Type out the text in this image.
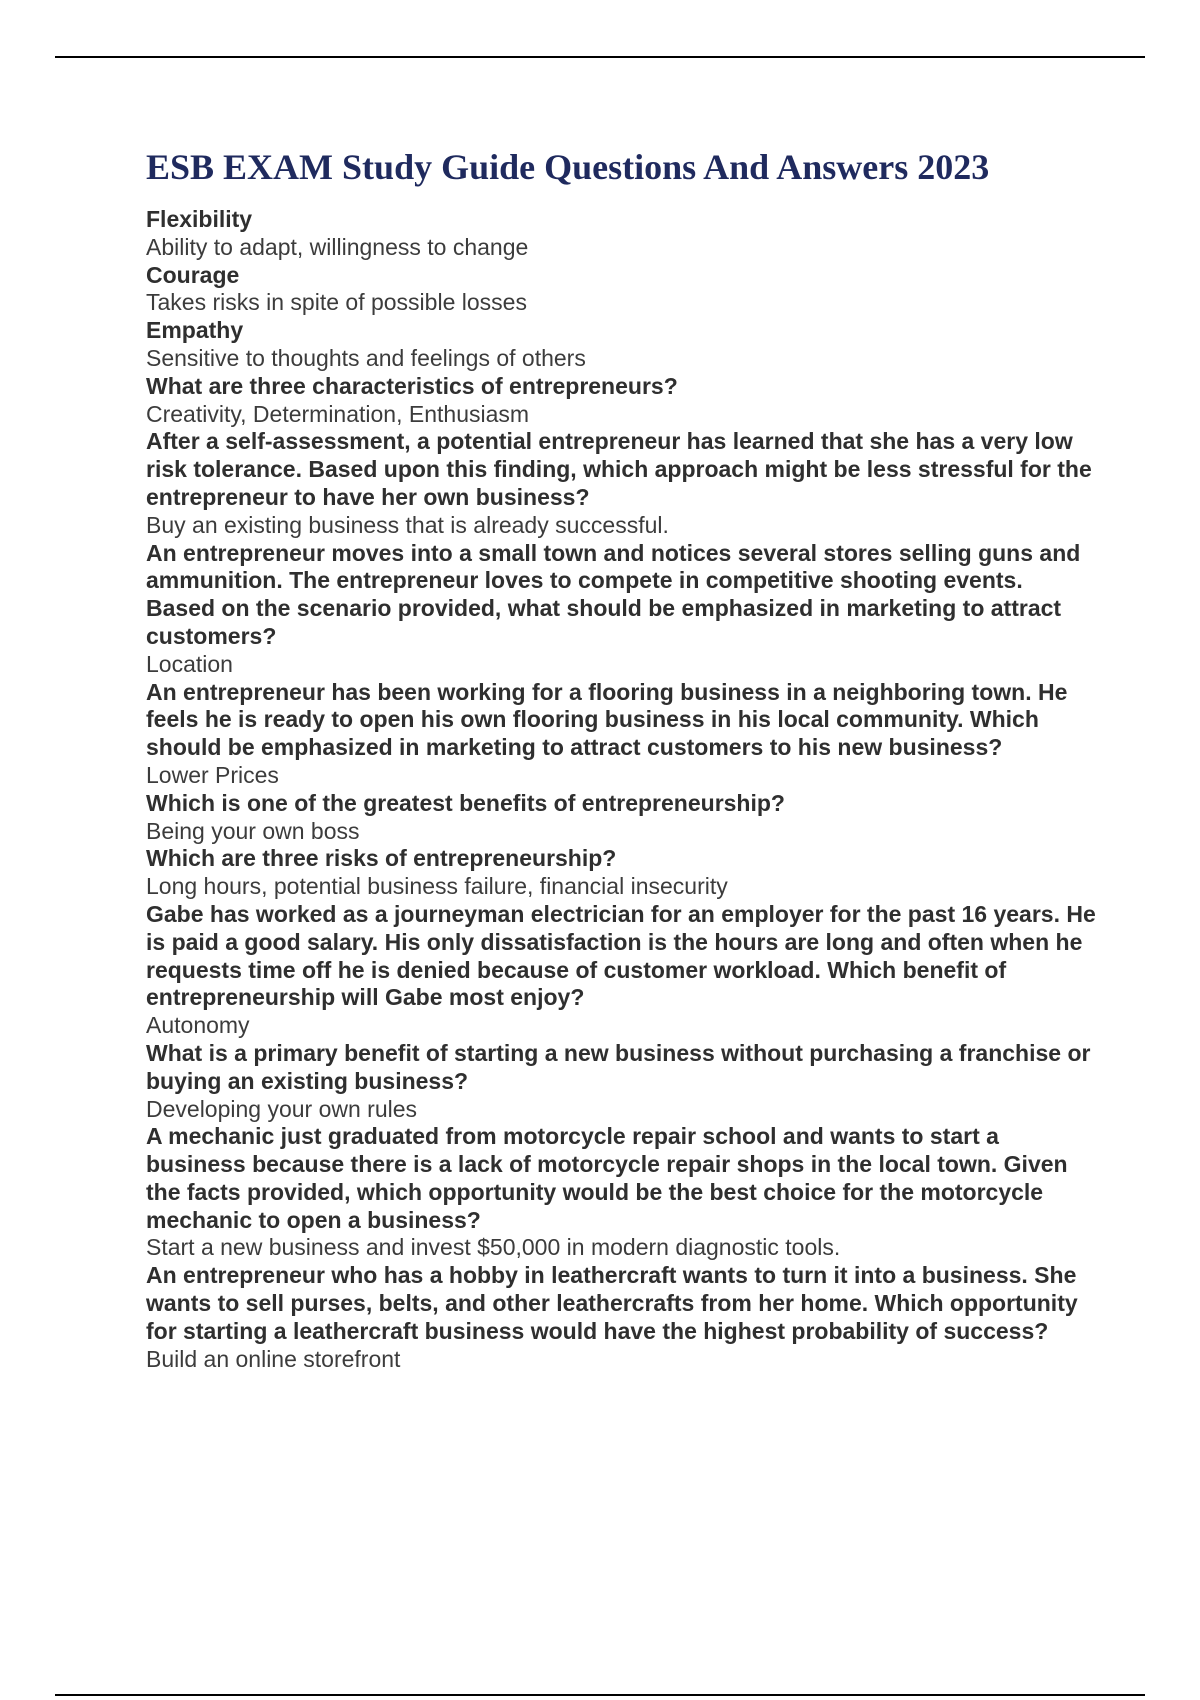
ESB EXAM Study Guide Questions And Answers 2023

Flexibility

Ability to adapt, willingness to change

Courage

Takes risks in spite of possible losses

Empathy

Sensitive to thoughts and feelings of others

What are three characteristics of entrepreneurs?

Creativity, Determination, Enthusiasm

After a self-assessment, a potential entrepreneur has learned that she has a very low risk tolerance. Based upon this finding, which approach might be less stressful for the entrepreneur to have her own business?

Buy an existing business that is already successful.

An entrepreneur moves into a small town and notices several stores selling guns and ammunition. The entrepreneur loves to compete in competitive shooting events. Based on the scenario provided, what should be emphasized in marketing to attract customers?

Location

An entrepreneur has been working for a flooring business in a neighboring town. He feels he is ready to open his own flooring business in his local community. Which should be emphasized in marketing to attract customers to his new business?

Lower Prices

Which is one of the greatest benefits of entrepreneurship?

Being your own boss

Which are three risks of entrepreneurship?

Long hours, potential business failure, financial insecurity

Gabe has worked as a journeyman electrician for an employer for the past 16 years. He is paid a good salary. His only dissatisfaction is the hours are long and often when he requests time off he is denied because of customer workload. Which benefit of entrepreneurship will Gabe most enjoy?

Autonomy

What is a primary benefit of starting a new business without purchasing a franchise or buying an existing business?

Developing your own rules

A mechanic just graduated from motorcycle repair school and wants to start a business because there is a lack of motorcycle repair shops in the local town. Given the facts provided, which opportunity would be the best choice for the motorcycle mechanic to open a business?

Start a new business and invest $50,000 in modern diagnostic tools.

An entrepreneur who has a hobby in leathercraft wants to turn it into a business. She wants to sell purses, belts, and other leathercrafts from her home. Which opportunity for starting a leathercraft business would have the highest probability of success?

Build an online storefront
